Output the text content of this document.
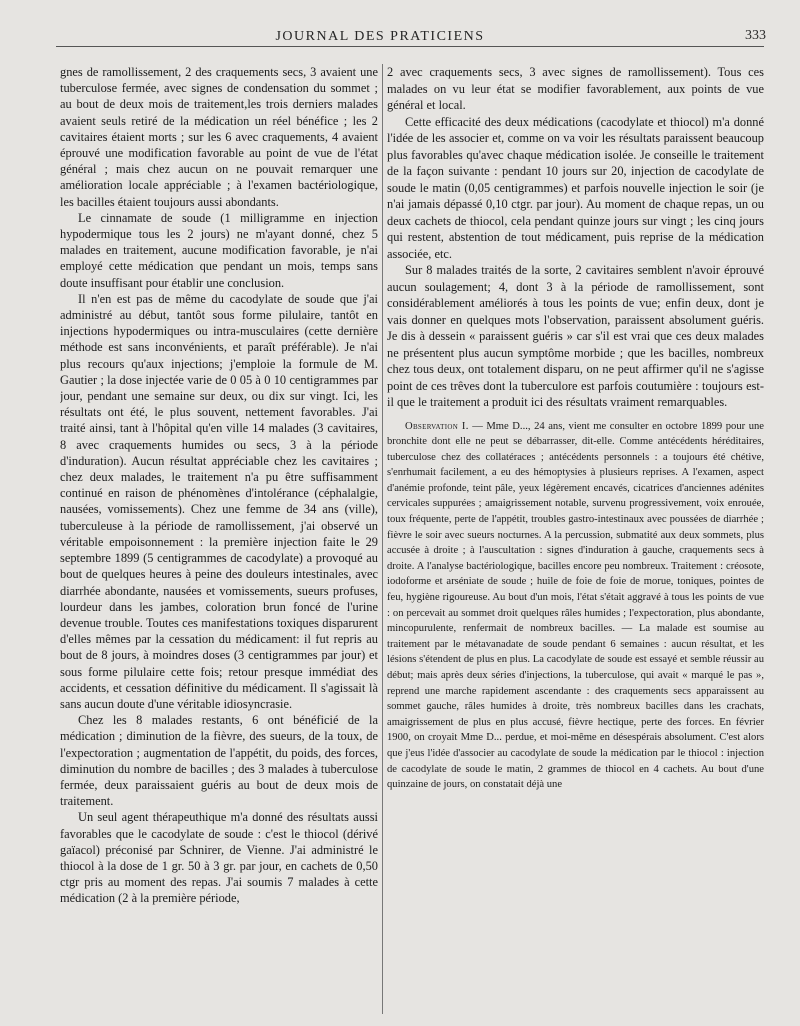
JOURNAL DES PRATICIENS	333

gnes de ramollissement, 2 des craquements secs, 3 avaient une tuberculose fermée, avec signes de condensation du sommet ; au bout de deux mois de traitement,les trois derniers malades avaient seuls retiré de la médication un réel bénéfice ; les 2 cavitaires étaient morts ; sur les 6 avec craquements, 4 avaient éprouvé une modification favorable au point de vue de l'état général ; mais chez aucun on ne pouvait remarquer une amélioration locale appréciable ; à l'examen bactériologique, les bacilles étaient toujours aussi abondants.

Le cinnamate de soude (1 milligramme en injection hypodermique tous les 2 jours) ne m'ayant donné, chez 5 malades en traitement, aucune modification favorable, je n'ai employé cette médication que pendant un mois, temps sans doute insuffisant pour établir une conclusion.

Il n'en est pas de même du cacodylate de soude que j'ai administré au début, tantôt sous forme pilulaire, tantôt en injections hypodermiques ou intra-musculaires (cette dernière méthode est sans inconvénients, et paraît préférable). Je n'ai plus recours qu'aux injections; j'emploie la formule de M. Gautier ; la dose injectée varie de 0 05 à 0 10 centigrammes par jour, pendant une semaine sur deux, ou dix sur vingt. Ici, les résultats ont été, le plus souvent, nettement favorables. J'ai traité ainsi, tant à l'hôpital qu'en ville 14 malades (3 cavitaires, 8 avec craquements humides ou secs, 3 à la période d'induration). Aucun résultat appréciable chez les cavitaires ; chez deux malades, le traitement n'a pu être suffisamment continué en raison de phénomènes d'intolérance (céphalalgie, nausées, vomissements). Chez une femme de 34 ans (ville), tuberculeuse à la période de ramollissement, j'ai observé un véritable empoisonnement : la première injection faite le 29 septembre 1899 (5 centigrammes de cacodylate) a provoqué au bout de quelques heures à peine des douleurs intestinales, avec diarrhée abondante, nausées et vomissements, sueurs profuses, lourdeur dans les jambes, coloration brun foncé de l'urine devenue trouble. Toutes ces manifestations toxiques disparurent d'elles mêmes par la cessation du médicament: il fut repris au bout de 8 jours, à moindres doses (3 centigrammes par jour) et sous forme pilulaire cette fois; retour presque immédiat des accidents, et cessation définitive du médicament. Il s'agissait là sans aucun doute d'une véritable idiosyncrasie.

Chez les 8 malades restants, 6 ont bénéficié de la médication ; diminution de la fièvre, des sueurs, de la toux, de l'expectoration ; augmentation de l'appétit, du poids, des forces, diminution du nombre de bacilles ; des 3 malades à tuberculose fermée, deux paraissaient guéris au bout de deux mois de traitement.

Un seul agent thérapeuthique m'a donné des résultats aussi favorables que le cacodylate de soude : c'est le thiocol (dérivé gaïacol) préconisé par Schnirer, de Vienne. J'ai administré le thiocol à la dose de 1 gr. 50 à 3 gr. par jour, en cachets de 0,50 ctgr pris au moment des repas. J'ai soumis 7 malades à cette médication (2 à la première période,

2 avec craquements secs, 3 avec signes de ramollissement). Tous ces malades on vu leur état se modifier favorablement, aux points de vue général et local.

Cette efficacité des deux médications (cacodylate et thiocol) m'a donné l'idée de les associer et, comme on va voir les résultats paraissent beaucoup plus favorables qu'avec chaque médication isolée. Je conseille le traitement de la façon suivante : pendant 10 jours sur 20, injection de cacodylate de soude le matin (0,05 centigrammes) et parfois nouvelle injection le soir (je n'ai jamais dépassé 0,10 ctgr. par jour). Au moment de chaque repas, un ou deux cachets de thiocol, cela pendant quinze jours sur vingt ; les cinq jours qui restent, abstention de tout médicament, puis reprise de la médication associée, etc.

Sur 8 malades traités de la sorte, 2 cavitaires semblent n'avoir éprouvé aucun soulagement; 4, dont 3 à la période de ramollissement, sont considérablement améliorés à tous les points de vue; enfin deux, dont je vais donner en quelques mots l'observation, paraissent absolument guéris. Je dis à dessein « paraissent guéris » car s'il est vrai que ces deux malades ne présentent plus aucun symptôme morbide ; que les bacilles, nombreux chez tous deux, ont totalement disparu, on ne peut affirmer qu'il ne s'agisse point de ces trêves dont la tuberculore est parfois coutumière : toujours est-il que le traitement a produit ici des résultats vraiment remarquables.

Observation I. — Mme D..., 24 ans, vient me consulter en octobre 1899 pour une bronchite dont elle ne peut se débarrasser, dit-elle. Comme antécédents héréditaires, tuberculose chez des collatéraces ; antécédents personnels : a toujours été chétive, s'enrhumait facilement, a eu des hémoptysies à plusieurs reprises. A l'examen, aspect d'anémie profonde, teint pâle, yeux légèrement encavés, cicatrices d'anciennes adénites cervicales suppurées ; amaigrissement notable, survenu progressivement, voix enrouée, toux fréquente, perte de l'appétit, troubles gastro-intestinaux avec poussées de diarrhée ; fièvre le soir avec sueurs nocturnes. A la percussion, submatité aux deux sommets, plus accusée à droite ; à l'auscultation : signes d'induration à gauche, craquements secs à droite. A l'analyse bactériologique, bacilles encore peu nombreux. Traitement : créosote, iodoforme et arséniate de soude ; huile de foie de foie de morue, toniques, pointes de feu, hygiène rigoureuse. Au bout d'un mois, l'état s'était aggravé à tous les points de vue : on percevait au sommet droit quelques râles humides ; l'expectoration, plus abondante, mincopurulente, renfermait de nombreux bacilles. — La malade est soumise au traitement par le métavanadate de soude pendant 6 semaines : aucun résultat, et les lésions s'étendent de plus en plus. La cacodylate de soude est essayé et semble réussir au début; mais après deux séries d'injections, la tuberculose, qui avait « marqué le pas », reprend une marche rapidement ascendante : des craquements secs apparaissent au sommet gauche, râles humides à droite, très nombreux bacilles dans les crachats, amaigrissement de plus en plus accusé, fièvre hectique, perte des forces. En février 1900, on croyait Mme D... perdue, et moi-même en désespérais absolument. C'est alors que j'eus l'idée d'associer au cacodylate de soude la médication par le thiocol : injection de cacodylate de soude le matin, 2 grammes de thiocol en 4 cachets. Au bout d'une quinzaine de jours, on constatait déjà une
